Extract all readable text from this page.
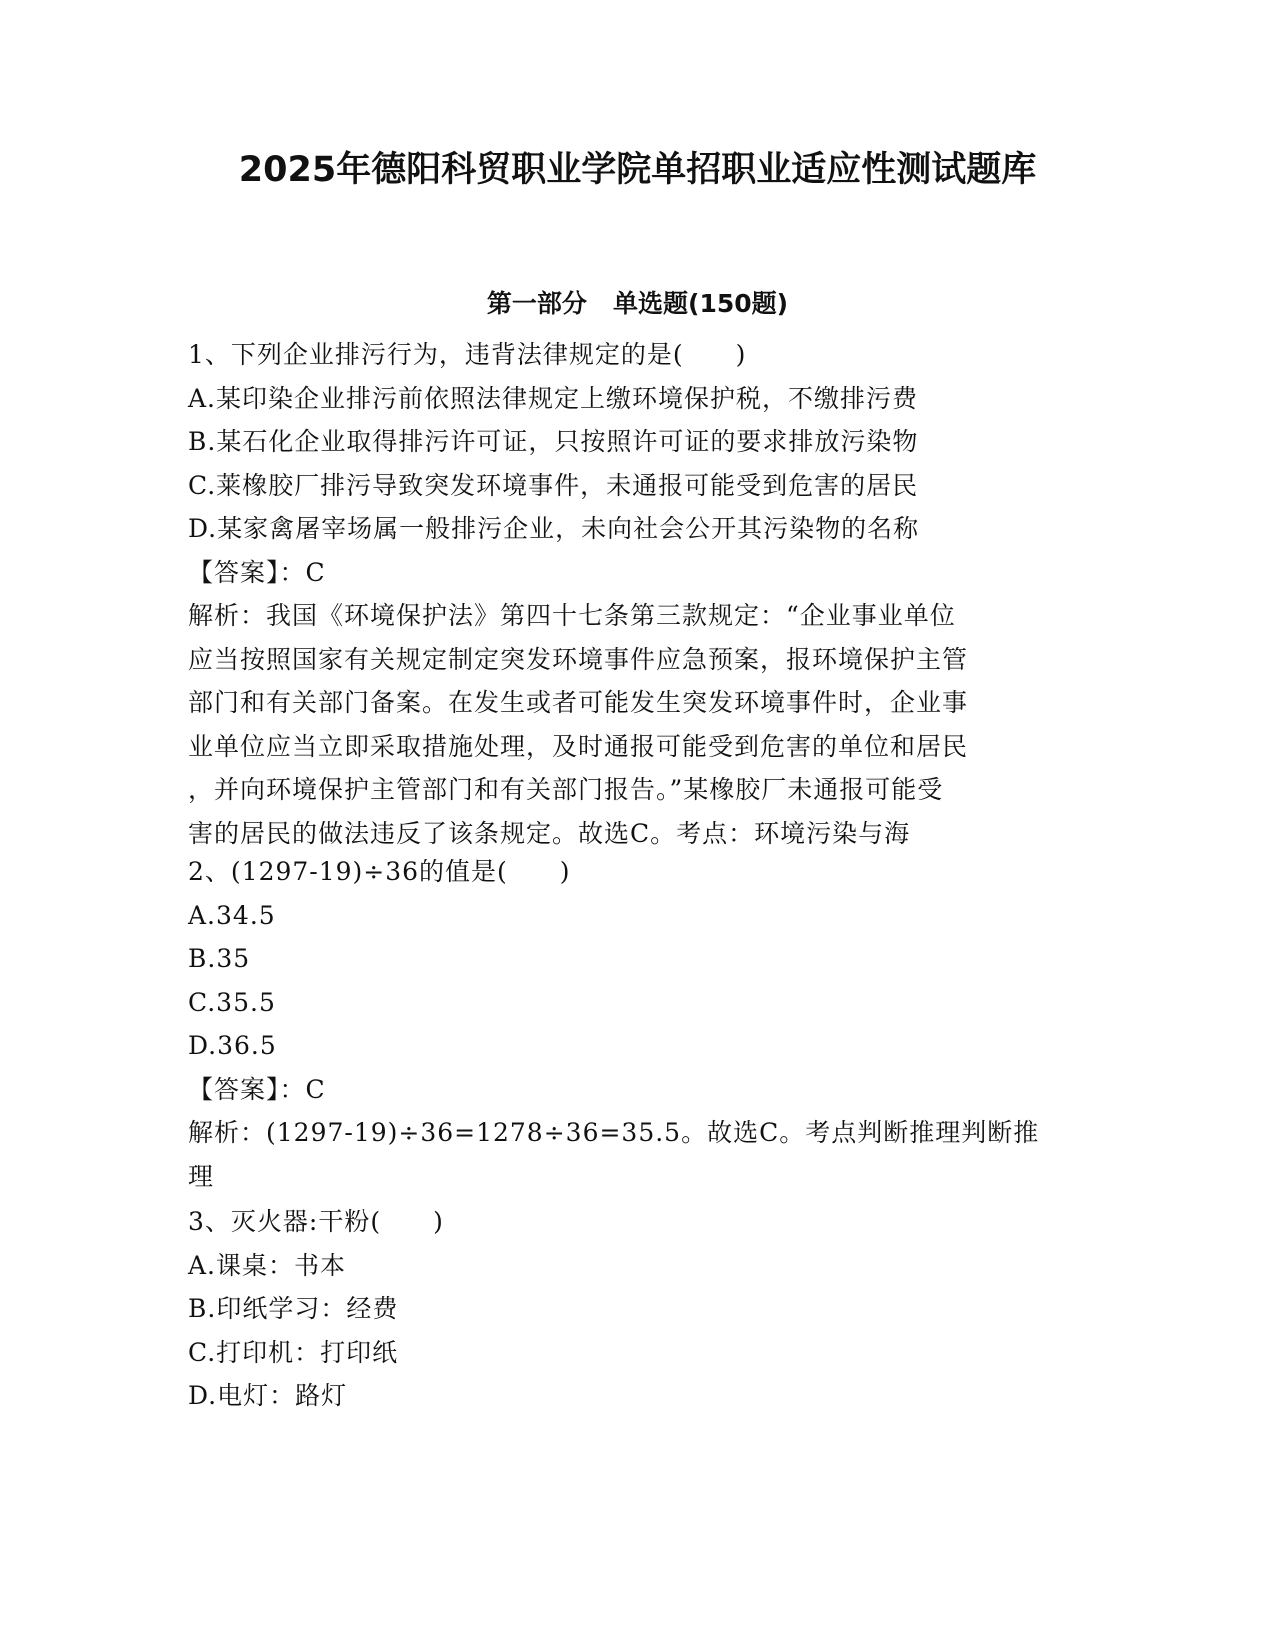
2025年德阳科贸职业学院单招职业适应性测试题库
第一部分   单选题(150题)
1、下列企业排污行为，违背法律规定的是(　　)
A.某印染企业排污前依照法律规定上缴环境保护税，不缴排污费
B.某石化企业取得排污许可证，只按照许可证的要求排放污染物
C.莱橡胶厂排污导致突发环境事件，未通报可能受到危害的居民
D.某家禽屠宰场属一般排污企业，未向社会公开其污染物的名称
【答案】：C
解析：我国《环境保护法》第四十七条第三款规定：“企业事业单位
应当按照国家有关规定制定突发环境事件应急预案，报环境保护主管
部门和有关部门备案。在发生或者可能发生突发环境事件时，企业事
业单位应当立即采取措施处理，及时通报可能受到危害的单位和居民
，并向环境保护主管部门和有关部门报告。”某橡胶厂未通报可能受
害的居民的做法违反了该条规定。故选C。考点：环境污染与海
2、(1297-19)÷36的值是(　　)
A.34.5
B.35
C.35.5
D.36.5
【答案】：C
解析：(1297-19)÷36=1278÷36=35.5。故选C。考点判断推理判断推
理
3、灭火器:干粉(　　)
A.课桌：书本
B.印纸学习：经费
C.打印机：打印纸
D.电灯：路灯
